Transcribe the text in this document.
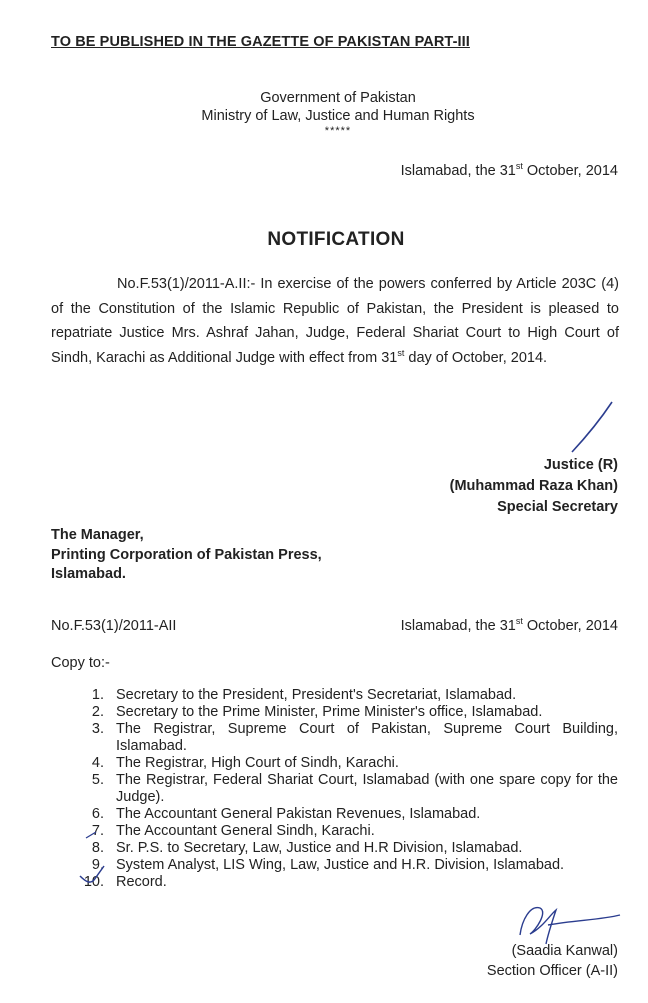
TO BE PUBLISHED IN THE GAZETTE OF PAKISTAN PART-III
Government of Pakistan
Ministry of Law, Justice and Human Rights
*****
Islamabad, the 31st October, 2014
NOTIFICATION
No.F.53(1)/2011-A.II:- In exercise of the powers conferred by Article 203C (4) of the Constitution of the Islamic Republic of Pakistan, the President is pleased to repatriate Justice Mrs. Ashraf Jahan, Judge, Federal Shariat Court to High Court of Sindh, Karachi as Additional Judge with effect from 31st day of October, 2014.
Justice (R)
(Muhammad Raza Khan)
Special Secretary
The Manager,
Printing Corporation of Pakistan Press,
Islamabad.
No.F.53(1)/2011-AII	Islamabad, the 31st October, 2014
Copy to:-
1. Secretary to the President, President's Secretariat, Islamabad.
2. Secretary to the Prime Minister, Prime Minister's office, Islamabad.
3. The Registrar, Supreme Court of Pakistan, Supreme Court Building, Islamabad.
4. The Registrar, High Court of Sindh, Karachi.
5. The Registrar, Federal Shariat Court, Islamabad (with one spare copy for the Judge).
6. The Accountant General Pakistan Revenues, Islamabad.
7. The Accountant General Sindh, Karachi.
8. Sr. P.S. to Secretary, Law, Justice and H.R Division, Islamabad.
9. System Analyst, LIS Wing, Law, Justice and H.R. Division, Islamabad.
10. Record.
(Saadia Kanwal)
Section Officer (A-II)
